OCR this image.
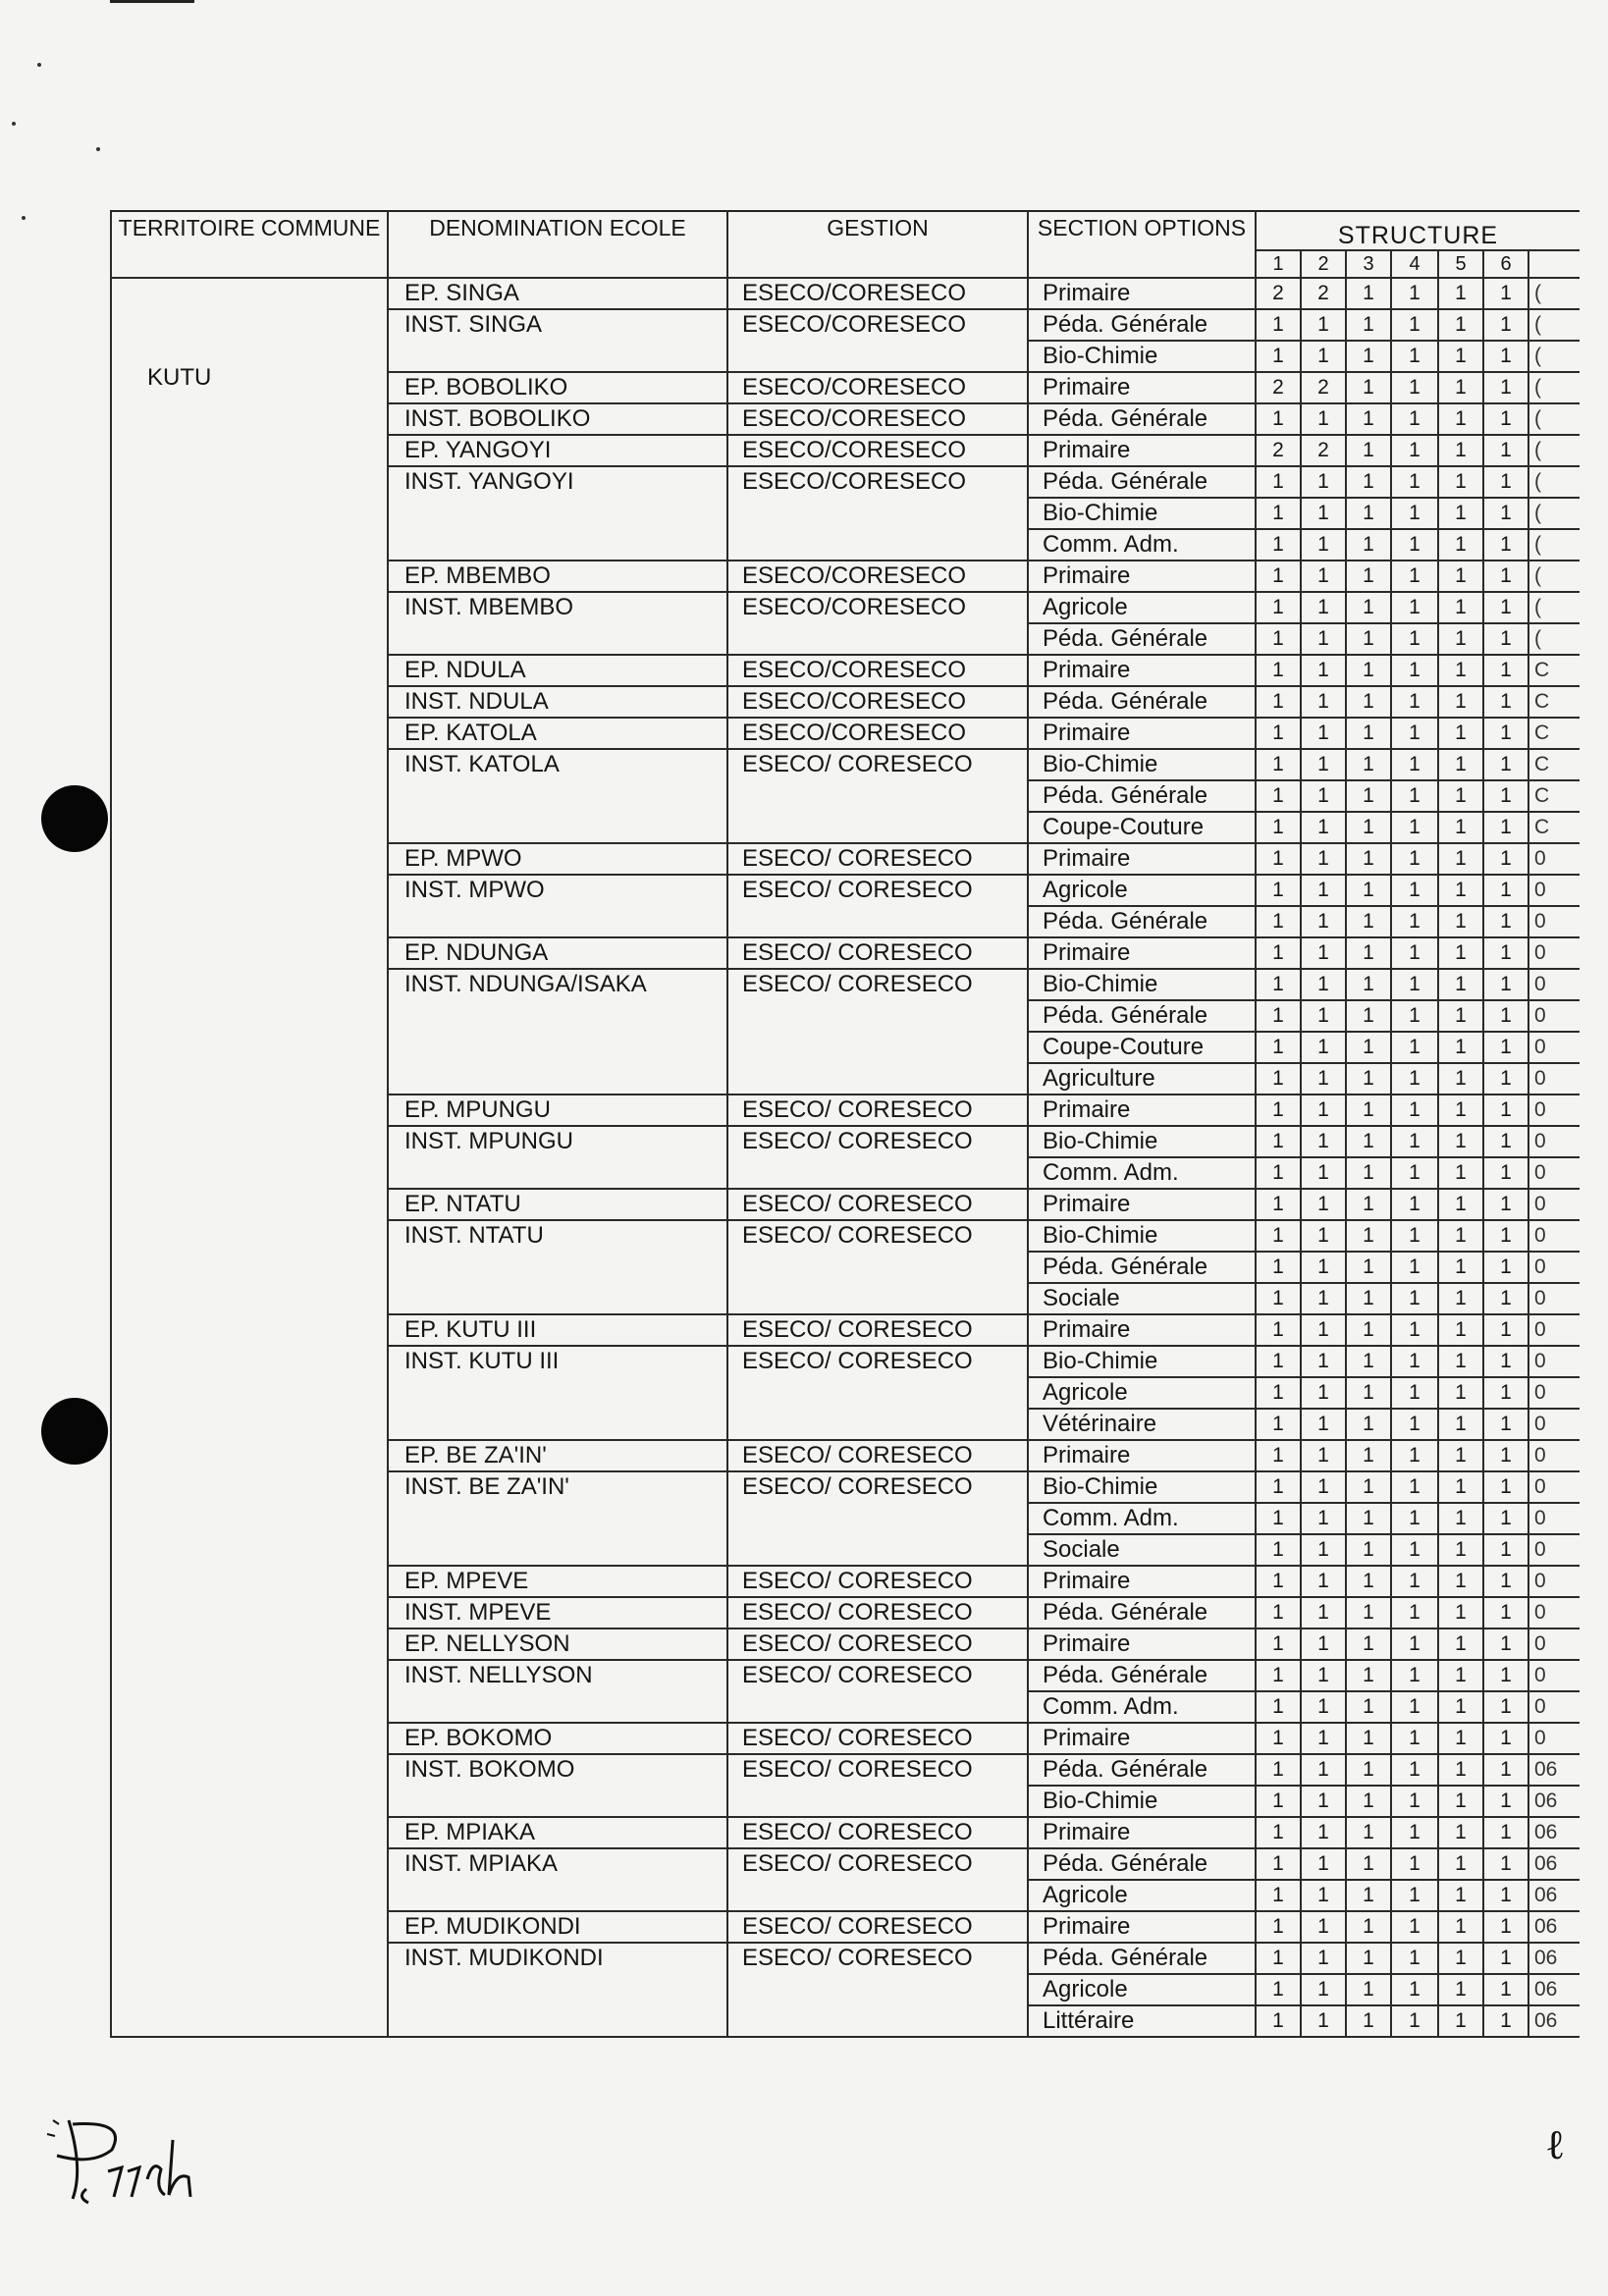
TERRITOIRE COMMUNE	DENOMINATION ECOLE	GESTION	SECTION OPTIONS	STRUCTURE						
				1	2	3	4	5	6	
KUTU	EP. SINGA	ESECO/CORESECO	Primaire	2	2	1	1	1	1	(
	INST. SINGA	ESECO/CORESECO	Péda. Générale	1	1	1	1	1	1	(
			Bio-Chimie	1	1	1	1	1	1	(
	EP. BOBOLIKO	ESECO/CORESECO	Primaire	2	2	1	1	1	1	(
	INST. BOBOLIKO	ESECO/CORESECO	Péda. Générale	1	1	1	1	1	1	(
	EP. YANGOYI	ESECO/CORESECO	Primaire	2	2	1	1	1	1	(
	INST. YANGOYI	ESECO/CORESECO	Péda. Générale	1	1	1	1	1	1	(
			Bio-Chimie	1	1	1	1	1	1	(
			Comm. Adm.	1	1	1	1	1	1	(
	EP. MBEMBO	ESECO/CORESECO	Primaire	1	1	1	1	1	1	(
	INST. MBEMBO	ESECO/CORESECO	Agricole	1	1	1	1	1	1	(
			Péda. Générale	1	1	1	1	1	1	(
	EP. NDULA	ESECO/CORESECO	Primaire	1	1	1	1	1	1	C
	INST. NDULA	ESECO/CORESECO	Péda. Générale	1	1	1	1	1	1	C
	EP. KATOLA	ESECO/CORESECO	Primaire	1	1	1	1	1	1	C
	INST. KATOLA	ESECO/ CORESECO	Bio-Chimie	1	1	1	1	1	1	C
			Péda. Générale	1	1	1	1	1	1	C
			Coupe-Couture	1	1	1	1	1	1	C
	EP. MPWO	ESECO/ CORESECO	Primaire	1	1	1	1	1	1	0
	INST. MPWO	ESECO/ CORESECO	Agricole	1	1	1	1	1	1	0
			Péda. Générale	1	1	1	1	1	1	0
	EP. NDUNGA	ESECO/ CORESECO	Primaire	1	1	1	1	1	1	0
	INST. NDUNGA/ISAKA	ESECO/ CORESECO	Bio-Chimie	1	1	1	1	1	1	0
			Péda. Générale	1	1	1	1	1	1	0
			Coupe-Couture	1	1	1	1	1	1	0
			Agriculture	1	1	1	1	1	1	0
	EP. MPUNGU	ESECO/ CORESECO	Primaire	1	1	1	1	1	1	0
	INST. MPUNGU	ESECO/ CORESECO	Bio-Chimie	1	1	1	1	1	1	0
			Comm. Adm.	1	1	1	1	1	1	0
	EP. NTATU	ESECO/ CORESECO	Primaire	1	1	1	1	1	1	0
	INST. NTATU	ESECO/ CORESECO	Bio-Chimie	1	1	1	1	1	1	0
			Péda. Générale	1	1	1	1	1	1	0
			Sociale	1	1	1	1	1	1	0
	EP. KUTU III	ESECO/ CORESECO	Primaire	1	1	1	1	1	1	0
	INST. KUTU III	ESECO/ CORESECO	Bio-Chimie	1	1	1	1	1	1	0
			Agricole	1	1	1	1	1	1	0
			Vétérinaire	1	1	1	1	1	1	0
	EP. BE ZA'IN'	ESECO/ CORESECO	Primaire	1	1	1	1	1	1	0
	INST. BE ZA'IN'	ESECO/ CORESECO	Bio-Chimie	1	1	1	1	1	1	0
			Comm. Adm.	1	1	1	1	1	1	0
			Sociale	1	1	1	1	1	1	0
	EP. MPEVE	ESECO/ CORESECO	Primaire	1	1	1	1	1	1	0
	INST. MPEVE	ESECO/ CORESECO	Péda. Générale	1	1	1	1	1	1	0
	EP. NELLYSON	ESECO/ CORESECO	Primaire	1	1	1	1	1	1	0
	INST. NELLYSON	ESECO/ CORESECO	Péda. Générale	1	1	1	1	1	1	0
			Comm. Adm.	1	1	1	1	1	1	0
	EP. BOKOMO	ESECO/ CORESECO	Primaire	1	1	1	1	1	1	0
	INST. BOKOMO	ESECO/ CORESECO	Péda. Générale	1	1	1	1	1	1	06
			Bio-Chimie	1	1	1	1	1	1	06
	EP. MPIAKA	ESECO/ CORESECO	Primaire	1	1	1	1	1	1	06
	INST. MPIAKA	ESECO/ CORESECO	Péda. Générale	1	1	1	1	1	1	06
			Agricole	1	1	1	1	1	1	06
	EP. MUDIKONDI	ESECO/ CORESECO	Primaire	1	1	1	1	1	1	06
	INST. MUDIKONDI	ESECO/ CORESECO	Péda. Générale	1	1	1	1	1	1	06
			Agricole	1	1	1	1	1	1	06
			Littéraire	1	1	1	1	1	1	06
ℓ
